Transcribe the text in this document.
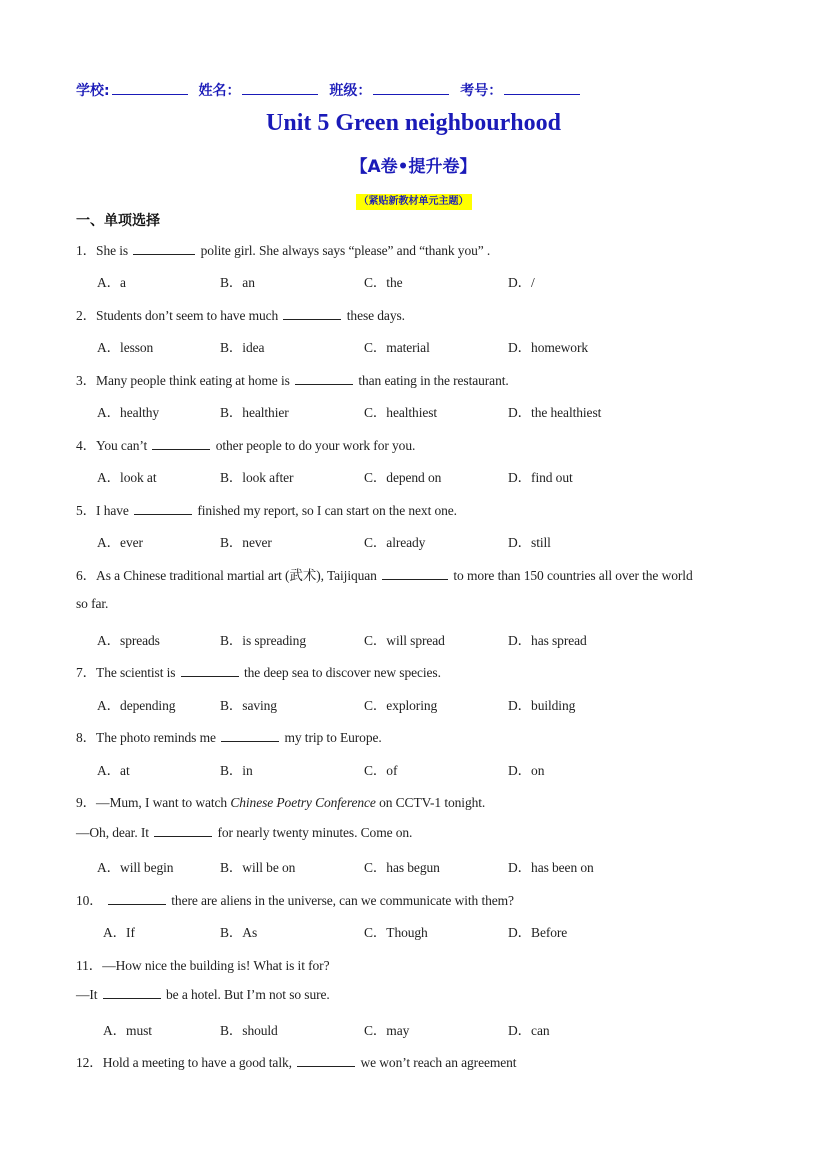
学校:	姓名：	班级：	考号：
Unit 5 Green neighbourhood
【A卷•提升卷】
（紧贴新教材单元主题）
一、单项选择
1．She is	polite girl. She always says “please” and “thank you” .
A．a	B．an	C．the	D．/
2．Students don’t seem to have much	these days.
A．lesson	B．idea	C．material	D．homework
3．Many people think eating at home is	than eating in the restaurant.
A．healthy	B．healthier	C．healthiest	D．the healthiest
4．You can’t	other people to do your work for you.
A．look at	B．look after	C．depend on	D．find out
5．I have	finished my report, so I can start on the next one.
A．ever	B．never	C．already	D．still
6．As a Chinese traditional martial art (武术), Taijiquan	to more than 150 countries all over the world
so far.
A．spreads	B．is spreading	C．will spread	D．has spread
7．The scientist is	the deep sea to discover new species.
A．depending	B．saving	C．exploring	D．building
8．The photo reminds me	my trip to Europe.
A．at	B．in	C．of	D．on
9．—Mum, I want to watch Chinese Poetry Conference on CCTV-1 tonight.
—Oh, dear. It	for nearly twenty minutes. Come on.
A．will begin	B．will be on	C．has begun	D．has been on
10．	there are aliens in the universe, can we communicate with them?
A．If	B．As	C．Though	D．Before
11．—How nice the building is! What is it for?
—It	be a hotel. But I’m not so sure.
A．must	B．should	C．may	D．can
12．Hold a meeting to have a good talk,	we won’t reach an agreement
